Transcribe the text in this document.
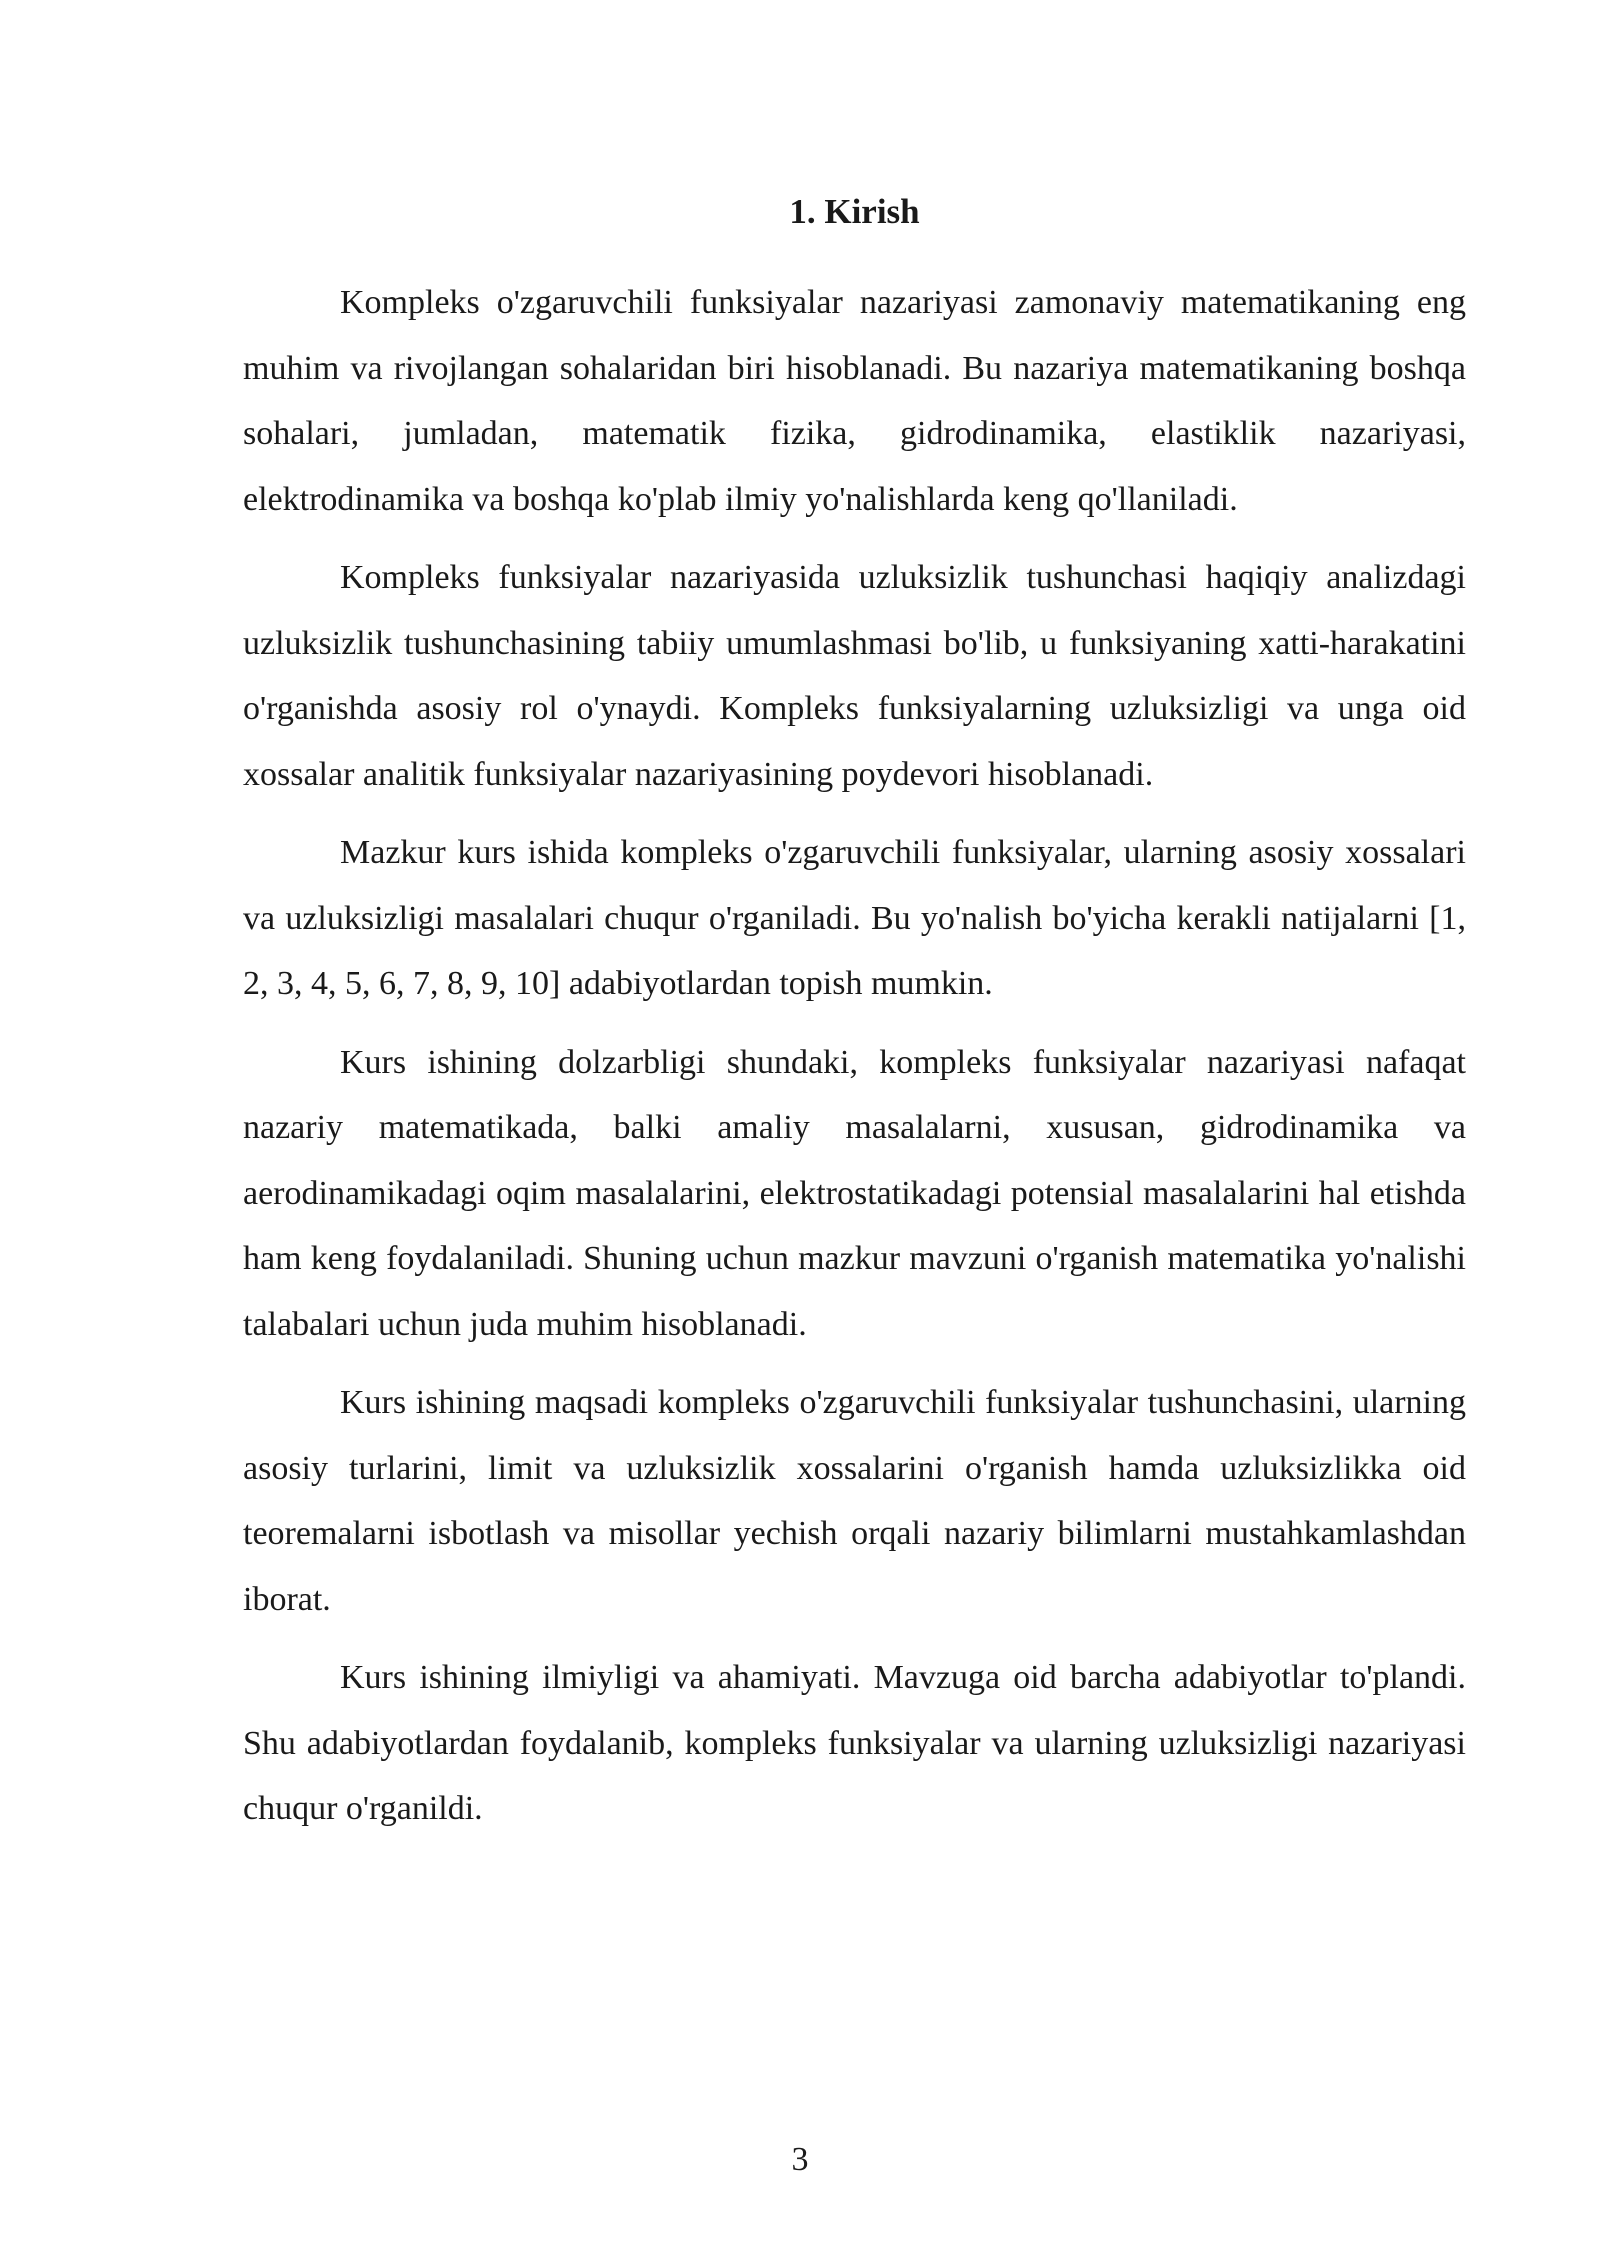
1. Kirish

Kompleks o'zgaruvchili funksiyalar nazariyasi zamonaviy matematikaning eng muhim va rivojlangan sohalaridan biri hisoblanadi. Bu nazariya matematikaning boshqa sohalari, jumladan, matematik fizika, gidrodinamika, elastiklik nazariyasi, elektrodinamika va boshqa ko'plab ilmiy yo'nalishlarda keng qo'llaniladi.

Kompleks funksiyalar nazariyasida uzluksizlik tushunchasi haqiqiy analizdagi uzluksizlik tushunchasining tabiiy umumlashmasi bo'lib, u funksiyaning xatti-harakatini o'rganishda asosiy rol o'ynaydi. Kompleks funksiyalarning uzluksizligi va unga oid xossalar analitik funksiyalar nazariyasining poydevori hisoblanadi.

Mazkur kurs ishida kompleks o'zgaruvchili funksiyalar, ularning asosiy xossalari va uzluksizligi masalalari chuqur o'rganiladi. Bu yo'nalish bo'yicha kerakli natijalarni [1, 2, 3, 4, 5, 6, 7, 8, 9, 10] adabiyotlardan topish mumkin.

Kurs ishining dolzarbligi shundaki, kompleks funksiyalar nazariyasi nafaqat nazariy matematikada, balki amaliy masalalarni, xususan, gidrodinamika va aerodinamikadagi oqim masalalarini, elektrostatikadagi potensial masalalarini hal etishda ham keng foydalaniladi. Shuning uchun mazkur mavzuni o'rganish matematika yo'nalishi talabalari uchun juda muhim hisoblanadi.

Kurs ishining maqsadi kompleks o'zgaruvchili funksiyalar tushunchasini, ularning asosiy turlarini, limit va uzluksizlik xossalarini o'rganish hamda uzluksizlikka oid teoremalarni isbotlash va misollar yechish orqali nazariy bilimlarni mustahkamlashdan iborat.

Kurs ishining ilmiyligi va ahamiyati. Mavzuga oid barcha adabiyotlar to'plandi. Shu adabiyotlardan foydalanib, kompleks funksiyalar va ularning uzluksizligi nazariyasi chuqur o'rganildi.

3
